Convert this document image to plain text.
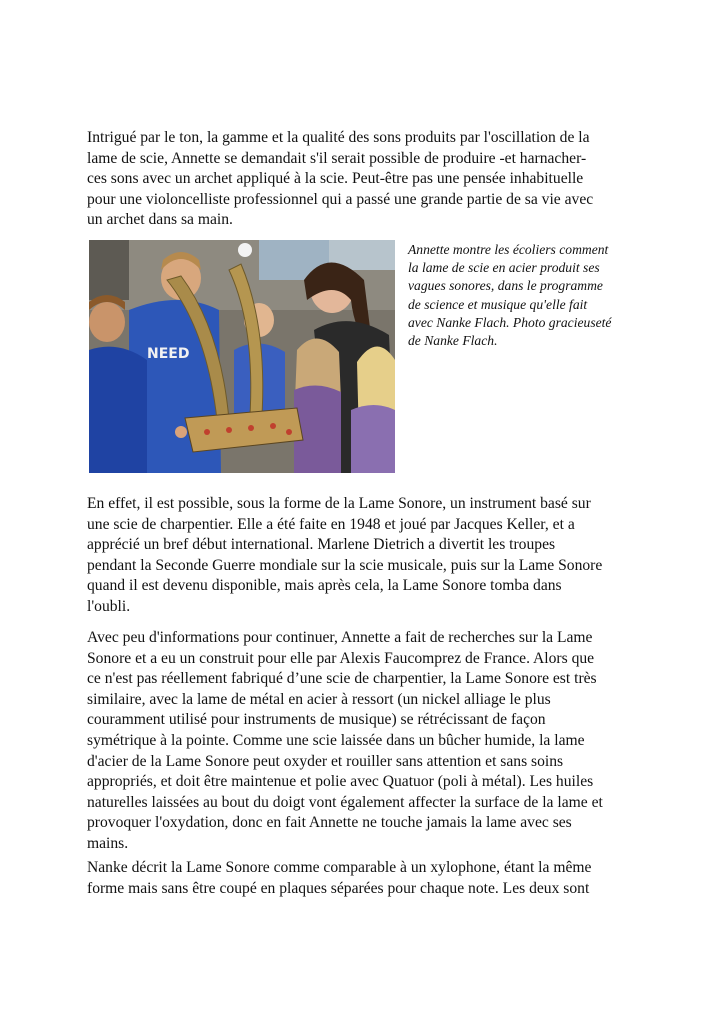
Intrigué par le ton, la gamme et la qualité des sons produits par l'oscillation de la
lame de scie, Annette se demandait s'il serait possible de produire -et harnacher-
ces sons avec un archet appliqué à la scie. Peut-être pas une pensée inhabituelle
pour une violoncelliste professionnel qui a passé une grande partie de sa vie avec
un archet dans sa main.

NEED

Annette montre les écoliers comment
la lame de scie en acier produit ses
vagues sonores, dans le programme
de science et musique qu'elle fait
avec Nanke Flach. Photo gracieuseté
de Nanke Flach.

En effet, il est possible, sous la forme de la Lame Sonore, un instrument basé sur
une scie de charpentier. Elle a été faite en 1948 et joué par Jacques Keller, et a
apprécié un bref début international. Marlene Dietrich a divertit les troupes
pendant la Seconde Guerre mondiale sur la scie musicale, puis sur la Lame Sonore
quand il est devenu disponible, mais après cela, la Lame Sonore tomba dans
l'oubli.

Avec peu d'informations pour continuer, Annette a fait de recherches sur la Lame
Sonore et a eu un construit pour elle par Alexis Faucomprez de France. Alors que
ce n'est pas réellement fabriqué d’une scie de charpentier, la Lame Sonore est très
similaire, avec la lame de métal en acier à ressort (un nickel alliage le plus
couramment utilisé pour instruments de musique) se rétrécissant de façon
symétrique à la pointe. Comme une scie laissée dans un bûcher humide, la lame
d'acier de la Lame Sonore peut oxyder et rouiller sans attention et sans soins
appropriés, et doit être maintenue et polie avec Quatuor (poli à métal). Les huiles
naturelles laissées au bout du doigt vont également affecter la surface de la lame et
provoquer l'oxydation, donc en fait Annette ne touche jamais la lame avec ses
mains.

Nanke décrit la Lame Sonore comme comparable à un xylophone, étant la même
forme mais sans être coupé en plaques séparées pour chaque note. Les deux sont
